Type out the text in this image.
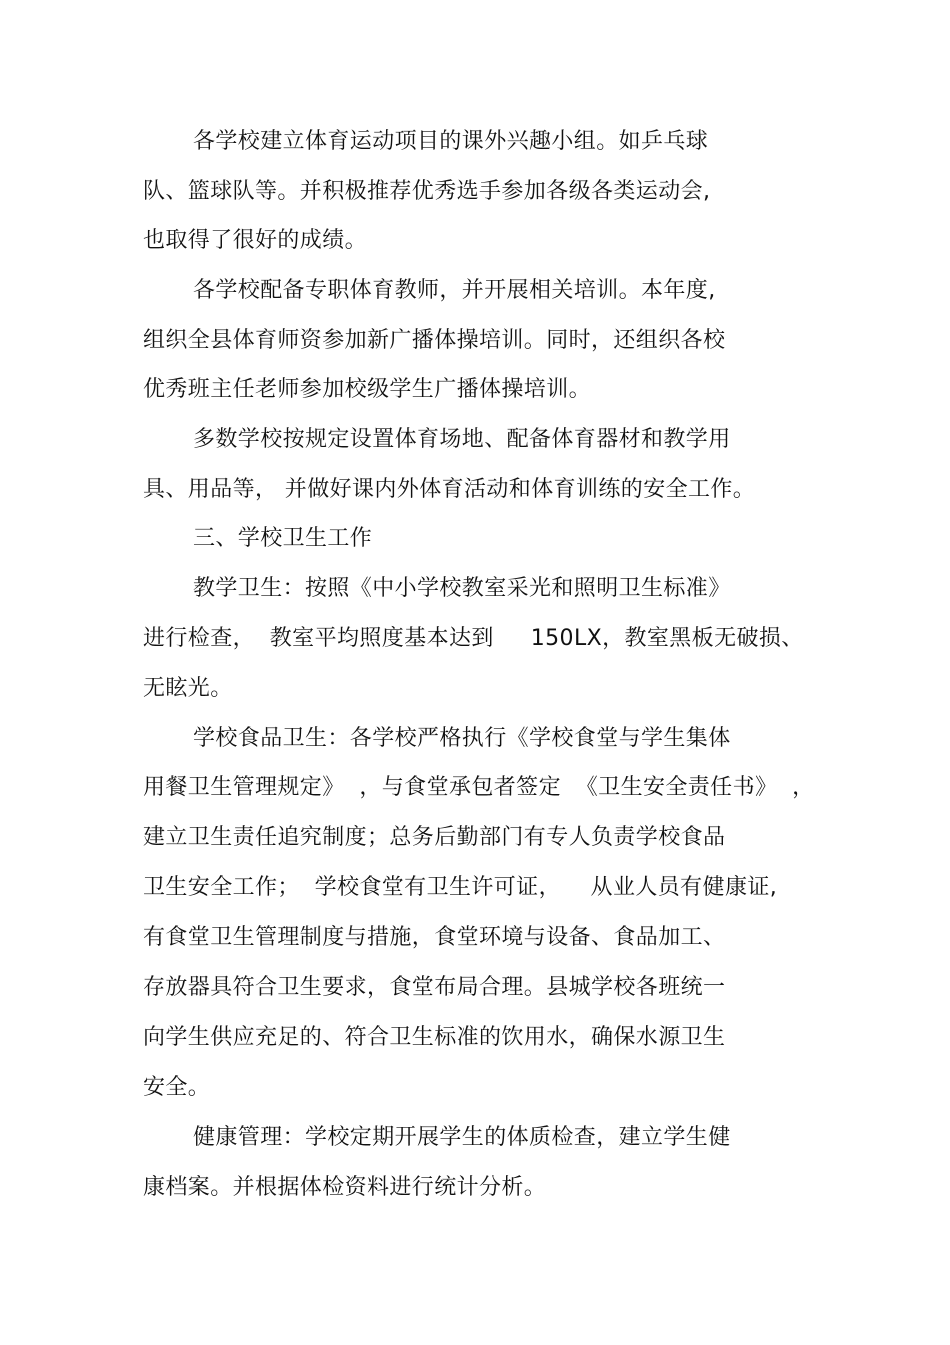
各学校建立体育运动项目的课外兴趣小组。如乒乓球
队、篮球队等。并积极推荐优秀选手参加各级各类运动会,
也取得了很好的成绩。
各学校配备专职体育教师，并开展相关培训。本年度,
组织全县体育师资参加新广播体操培训。同时，还组织各校
优秀班主任老师参加校级学生广播体操培训。
多数学校按规定设置体育场地、配备体育器材和教学用
具、用品等， 并做好课内外体育活动和体育训练的安全工作。
三、学校卫生工作
教学卫生：按照《中小学校教室采光和照明卫生标准》
进行检查，  教室平均照度基本达到     150LX，教室黑板无破损、
无眩光。
学校食品卫生：各学校严格执行《学校食堂与学生集体
用餐卫生管理规定》  ，与食堂承包者签定  《卫生安全责任书》  ，
建立卫生责任追究制度；总务后勤部门有专人负责学校食品
卫生安全工作；  学校食堂有卫生许可证，    从业人员有健康证,
有食堂卫生管理制度与措施，食堂环境与设备、食品加工、
存放器具符合卫生要求，食堂布局合理。县城学校各班统一
向学生供应充足的、符合卫生标准的饮用水，确保水源卫生
安全。
健康管理：学校定期开展学生的体质检查，建立学生健
康档案。并根据体检资料进行统计分析。
